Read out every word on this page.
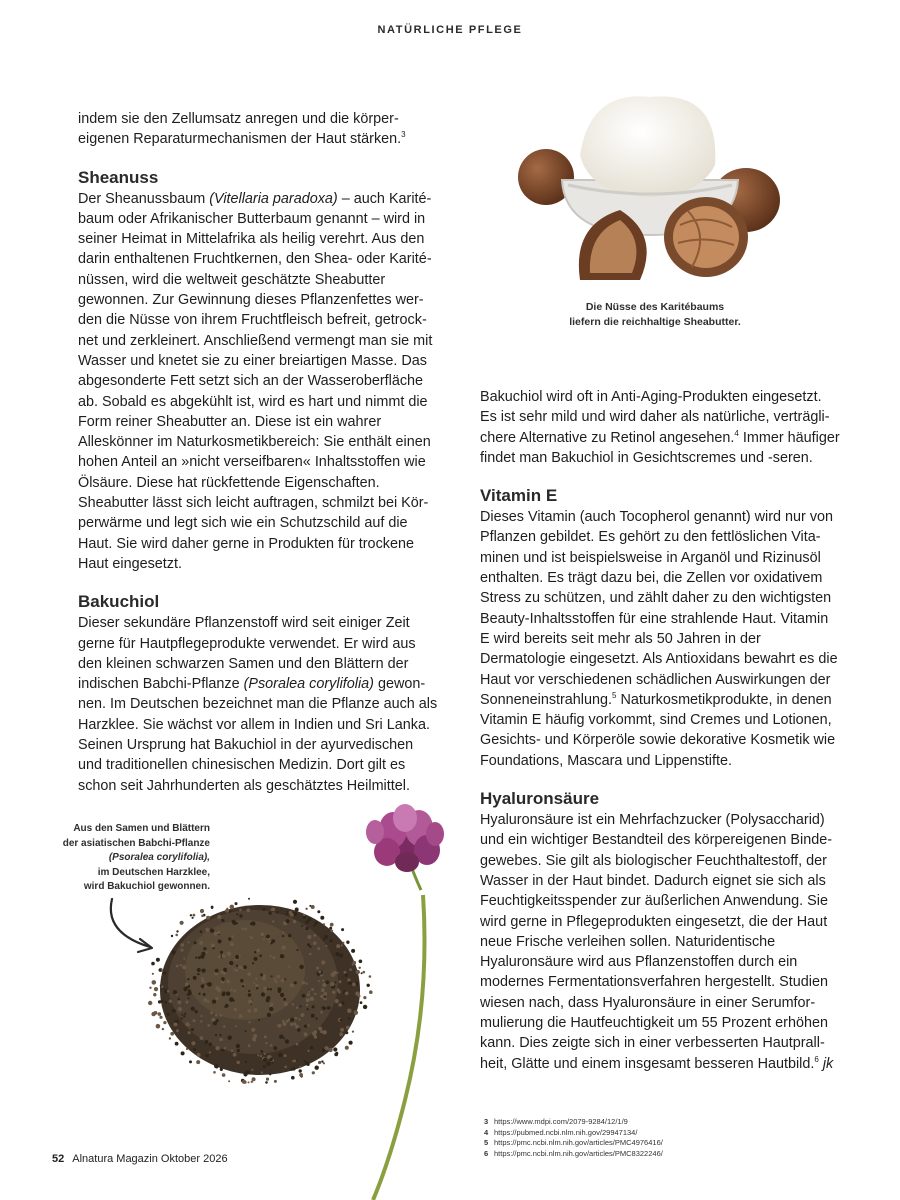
NATÜRLICHE PFLEGE

indem sie den Zellumsatz anregen und die körpereigenen Reparaturmechanismen der Haut stärken.$^3$

Sheanuss

Der Sheanussbaum (Vitellaria paradoxa) – auch Karitébaum oder Afrikanischer Butterbaum genannt – wird in seiner Heimat in Mittelafrika als heilig verehrt. Aus den darin enthaltenen Fruchtkernen, den Shea- oder Kariténüssen, wird die weltweit geschätzte Sheabutter gewonnen. Zur Gewinnung dieses Pflanzenfettes werden die Nüsse von ihrem Fruchtfleisch befreit, getrocknet und zerkleinert. Anschließend vermengt man sie mit Wasser und knetet sie zu einer breiartigen Masse. Das abgesonderte Fett setzt sich an der Wasseroberfläche ab. Sobald es abgekühlt ist, wird es hart und nimmt die Form reiner Sheabutter an. Diese ist ein wahrer Alleskönner im Naturkosmetikbereich: Sie enthält einen hohen Anteil an »nicht verseifbaren« Inhaltsstoffen wie Ölsäure. Diese hat rückfettende Eigenschaften. Sheabutter lässt sich leicht auftragen, schmilzt bei Körperwärme und legt sich wie ein Schutzschild auf die Haut. Sie wird daher gerne in Produkten für trockene Haut eingesetzt.

Bakuchiol

Dieser sekundäre Pflanzenstoff wird seit einiger Zeit gerne für Hautpflegeprodukte verwendet. Er wird aus den kleinen schwarzen Samen und den Blättern der indischen Babchi-Pflanze (Psoralea corylifolia) gewonnen. Im Deutschen bezeichnet man die Pflanze auch als Harzklee. Sie wächst vor allem in Indien und Sri Lanka. Seinen Ursprung hat Bakuchiol in der ayurvedischen und traditionellen chinesischen Medizin. Dort gilt es schon seit Jahrhunderten als geschätztes Heilmittel.

Die Nüsse des Karitébaums
liefern die reichhaltige Sheabutter.

Bakuchiol wird oft in Anti-Aging-Produkten eingesetzt. Es ist sehr mild und wird daher als natürliche, verträglichere Alternative zu Retinol angesehen.$^4$ Immer häufiger findet man Bakuchiol in Gesichtscremes und -seren.

Vitamin E

Dieses Vitamin (auch Tocopherol genannt) wird nur von Pflanzen gebildet. Es gehört zu den fettlöslichen Vitaminen und ist beispielsweise in Arganöl und Rizinusöl enthalten. Es trägt dazu bei, die Zellen vor oxidativem Stress zu schützen, und zählt daher zu den wichtigsten Beauty-Inhaltsstoffen für eine strahlende Haut. Vitamin E wird bereits seit mehr als 50 Jahren in der Dermatologie eingesetzt. Als Antioxidans bewahrt es die Haut vor verschiedenen schädlichen Auswirkungen der Sonneneinstrahlung.$^5$ Naturkosmetikprodukte, in denen Vitamin E häufig vorkommt, sind Cremes und Lotionen, Gesichts- und Körperöle sowie dekorative Kosmetik wie Foundations, Mascara und Lippenstifte.

Hyaluronsäure

Hyaluronsäure ist ein Mehrfachzucker (Polysaccharid) und ein wichtiger Bestandteil des körpereigenen Bindegewebes. Sie gilt als biologischer Feuchthaltestoff, der Wasser in der Haut bindet. Dadurch eignet sie sich als Feuchtigkeitsspender zur äußerlichen Anwendung. Sie wird gerne in Pflegeprodukten eingesetzt, die der Haut neue Frische verleihen sollen. Naturidentische Hyaluronsäure wird aus Pflanzenstoffen durch ein modernes Fermentationsverfahren hergestellt. Studien wiesen nach, dass Hyaluronsäure in einer Serumformulierung die Hautfeuchtigkeit um 55 Prozent erhöhen kann. Dies zeigte sich in einer verbesserten Hautprallheit, Glätte und einem insgesamt besseren Hautbild.$^6$ jk

Aus den Samen und Blättern
der asiatischen Babchi-Pflanze
(Psoralea corylifolia),
im Deutschen Harzklee,
wird Bakuchiol gewonnen.
3 https://www.mdpi.com/2079-9284/12/1/9
4 https://pubmed.ncbi.nlm.nih.gov/29947134/
5 https://pmc.ncbi.nlm.nih.gov/articles/PMC4976416/
6 https://pmc.ncbi.nlm.nih.gov/articles/PMC8322246/
52 Alnatura Magazin Oktober 2026
